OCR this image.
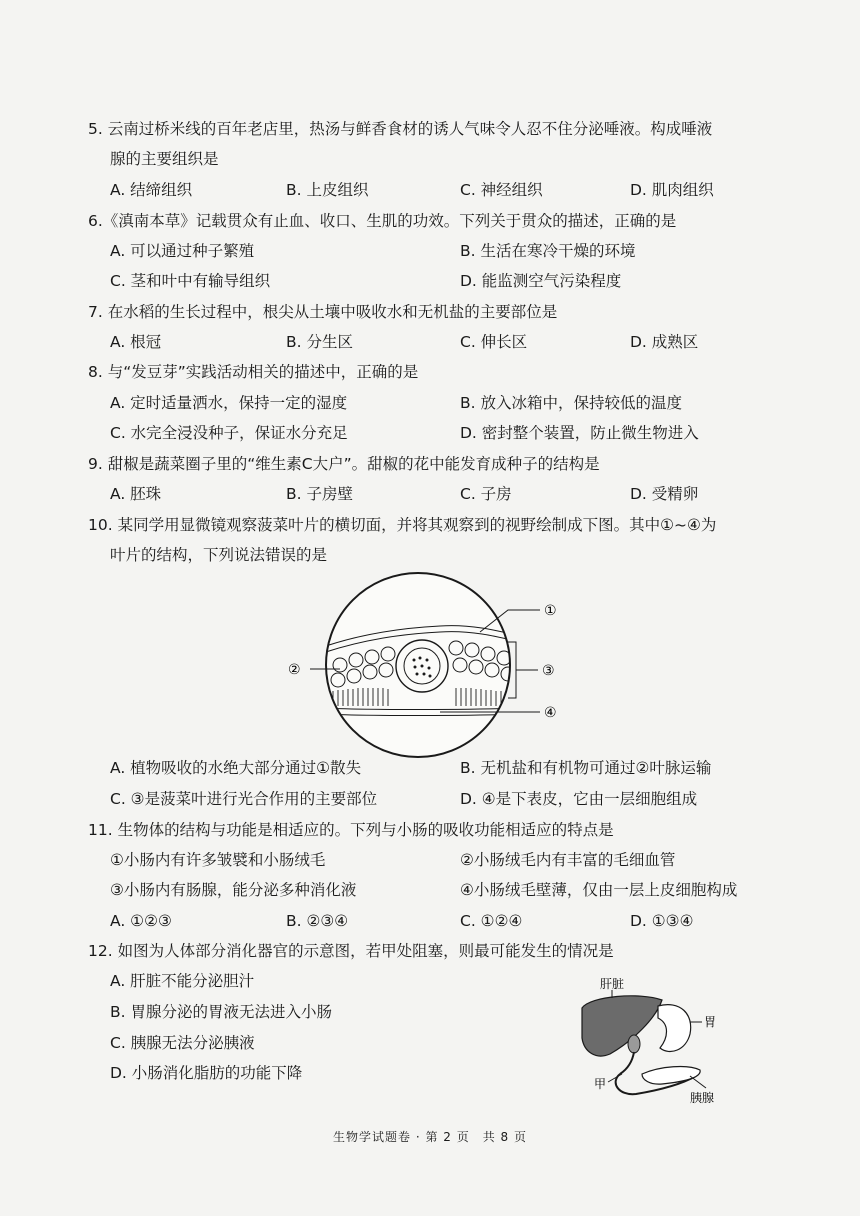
5. 云南过桥米线的百年老店里，热汤与鲜香食材的诱人气味令人忍不住分泌唾液。构成唾液
腺的主要组织是
A. 结缔组织	B. 上皮组织	C. 神经组织	D. 肌肉组织
6.《滇南本草》记载贯众有止血、收口、生肌的功效。下列关于贯众的描述，正确的是
A. 可以通过种子繁殖	B. 生活在寒冷干燥的环境
C. 茎和叶中有输导组织	D. 能监测空气污染程度
7. 在水稻的生长过程中，根尖从土壤中吸收水和无机盐的主要部位是
A. 根冠	B. 分生区	C. 伸长区	D. 成熟区
8. 与“发豆芽”实践活动相关的描述中，正确的是
A. 定时适量洒水，保持一定的湿度	B. 放入冰箱中，保持较低的温度
C. 水完全浸没种子，保证水分充足	D. 密封整个装置，防止微生物进入
9. 甜椒是蔬菜圈子里的“维生素C大户”。甜椒的花中能发育成种子的结构是
A. 胚珠	B. 子房壁	C. 子房	D. 受精卵
10. 某同学用显微镜观察菠菜叶片的横切面，并将其观察到的视野绘制成下图。其中①~④为
叶片的结构，下列说法错误的是
①
②	③
④
A. 植物吸收的水绝大部分通过①散失	B. 无机盐和有机物可通过②叶脉运输
C. ③是菠菜叶进行光合作用的主要部位	D. ④是下表皮，它由一层细胞组成
11. 生物体的结构与功能是相适应的。下列与小肠的吸收功能相适应的特点是
①小肠内有许多皱襞和小肠绒毛	②小肠绒毛内有丰富的毛细血管
③小肠内有肠腺，能分泌多种消化液	④小肠绒毛壁薄，仅由一层上皮细胞构成
A. ①②③	B. ②③④	C. ①②④	D. ①③④
12. 如图为人体部分消化器官的示意图，若甲处阻塞，则最可能发生的情况是
A. 肝脏不能分泌胆汁
B. 胃腺分泌的胃液无法进入小肠
C. 胰腺无法分泌胰液
D. 小肠消化脂肪的功能下降
肝脏
胃
甲
胰腺
生物学试题卷 · 第 2 页　共 8 页
